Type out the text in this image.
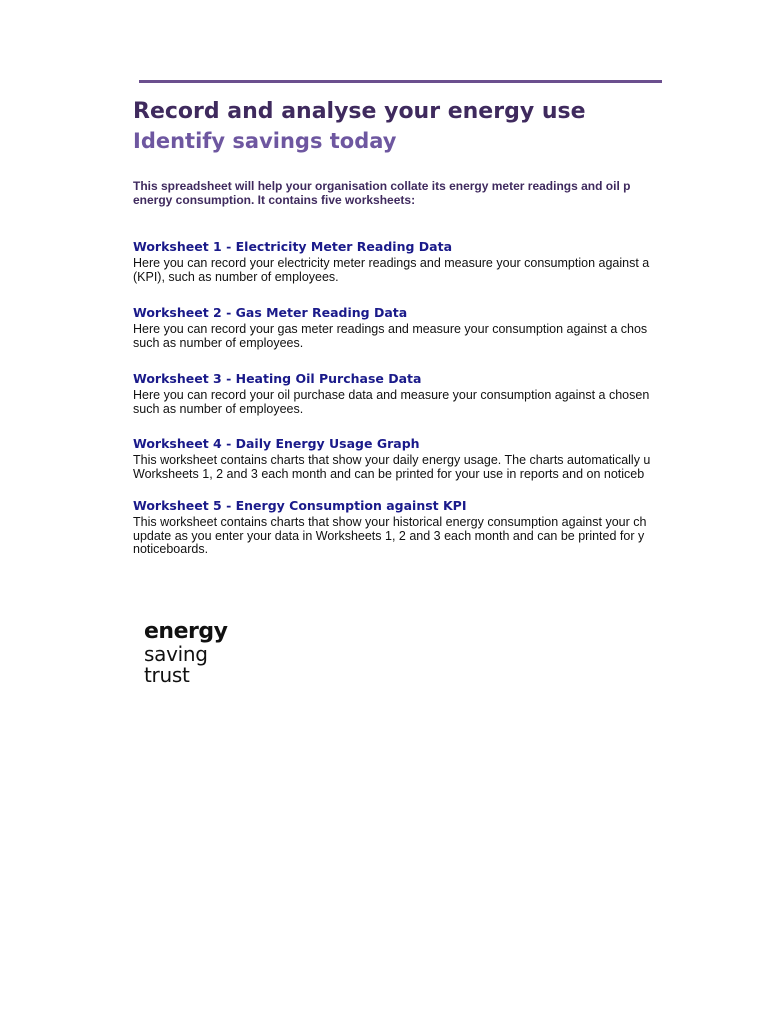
Record and analyse your energy use
Identify savings today

This spreadsheet will help your organisation collate its energy meter readings and oil p
energy consumption. It contains five worksheets:

Worksheet 1 - Electricity Meter Reading Data

Here you can record your electricity meter readings and measure your consumption against a
(KPI), such as number of employees.

Worksheet 2 - Gas Meter Reading Data

Here you can record your gas meter readings and measure your consumption against a chos
such as number of employees.

Worksheet 3 - Heating Oil Purchase Data

Here you can record your oil purchase data and measure your consumption against a chosen
such as number of employees.

Worksheet 4 - Daily Energy Usage Graph

This worksheet contains charts that show your daily energy usage. The charts automatically u
Worksheets 1, 2 and 3 each month and can be printed for your use in reports and on noticeb

Worksheet 5 - Energy Consumption against KPI

This worksheet contains charts that show your historical energy consumption against your ch
update as you enter your data in Worksheets 1, 2 and 3 each month and can be printed for y
noticeboards.

energy
saving
trust
